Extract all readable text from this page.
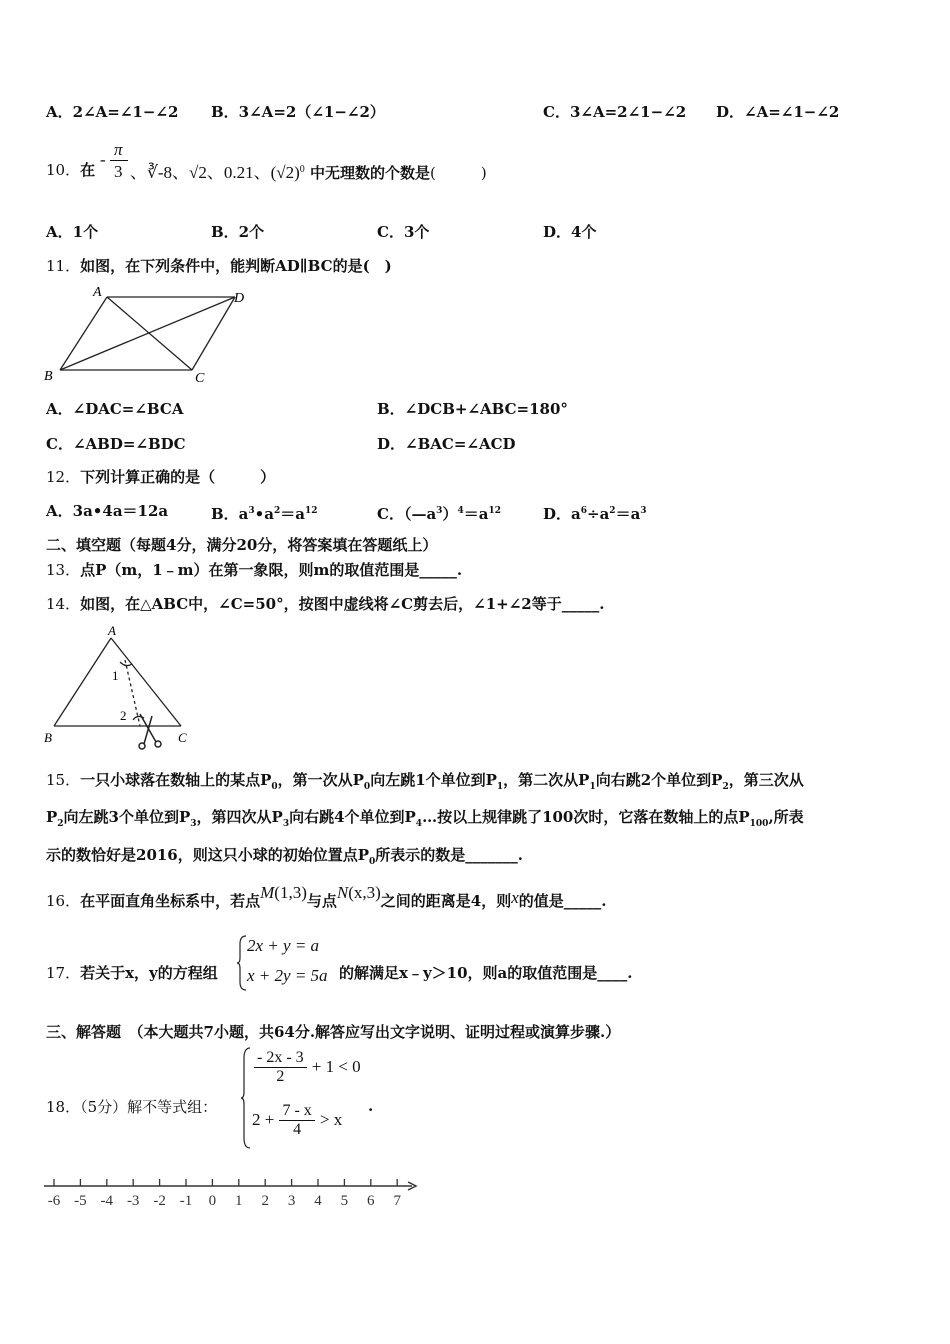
A．2∠A=∠1−∠2 B．3∠A=2（∠1−∠2）	C．3∠A=2∠1−∠2 D．∠A=∠1−∠2
10．在
-
π
3 、∛-8、√2、0.21、$(√2)^0$ 中无理数的个数是(　　　)
A．1个	B．2个	C．3个	D．4个
11．如图，在下列条件中，能判断AD∥BC的是(　)
A	D
B	C
A．∠DAC=∠BCA	B．∠DCB+∠ABC=180°
C．∠ABD=∠BDC	D．∠BAC=∠ACD
12．下列计算正确的是（　　　）
A．3a•4a＝12a	B．$a^3•a^2=a^{12}$	C．$(—a^3)^4=a^{12}$	D．$a^6\div a^2=a^3$
二、填空题（每题4分，满分20分，将答案填在答题纸上）
13．点P（m，1﹣m）在第一象限，则m的取值范围是_____.
14．如图，在△ABC中，∠C=50°，按图中虚线将∠C剪去后，∠1+∠2等于_____.
A
B	C
1
2
15．一只小球落在数轴上的某点$P_0$，第一次从$P_0$向左跳1个单位到$P_1$，第二次从$P_1$向右跳2个单位到$P_2$，第三次从
$P_2$向左跳3个单位到$P_3$，第四次从$P_3$向右跳4个单位到$P_4\dots$按以上规律跳了100次时，它落在数轴上的点$P_{100}$,所表
示的数恰好是2016，则这只小球的初始位置点$P_0$所表示的数是_______.
16．在平面直角坐标系中，若点M(1,3)与点N(x,3)之间的距离是4，则x的值是_____.
17．若关于x，y的方程组
2x + y = a
x + 2y = 5a 的解满足x﹣y＞10，则a的取值范围是____.
三、解答题　（本大题共7小题，共64分.解答应写出文字说明、证明过程或演算步骤.）
18．（5分）解不等式组：
$\frac{- 2x - 3}{2} + 1 < 0$
$2 + \frac{7 - x}{4} > x$
.
-6 -5 -4 -3 -2 -1 0 1 2 3 4 5 6 7
